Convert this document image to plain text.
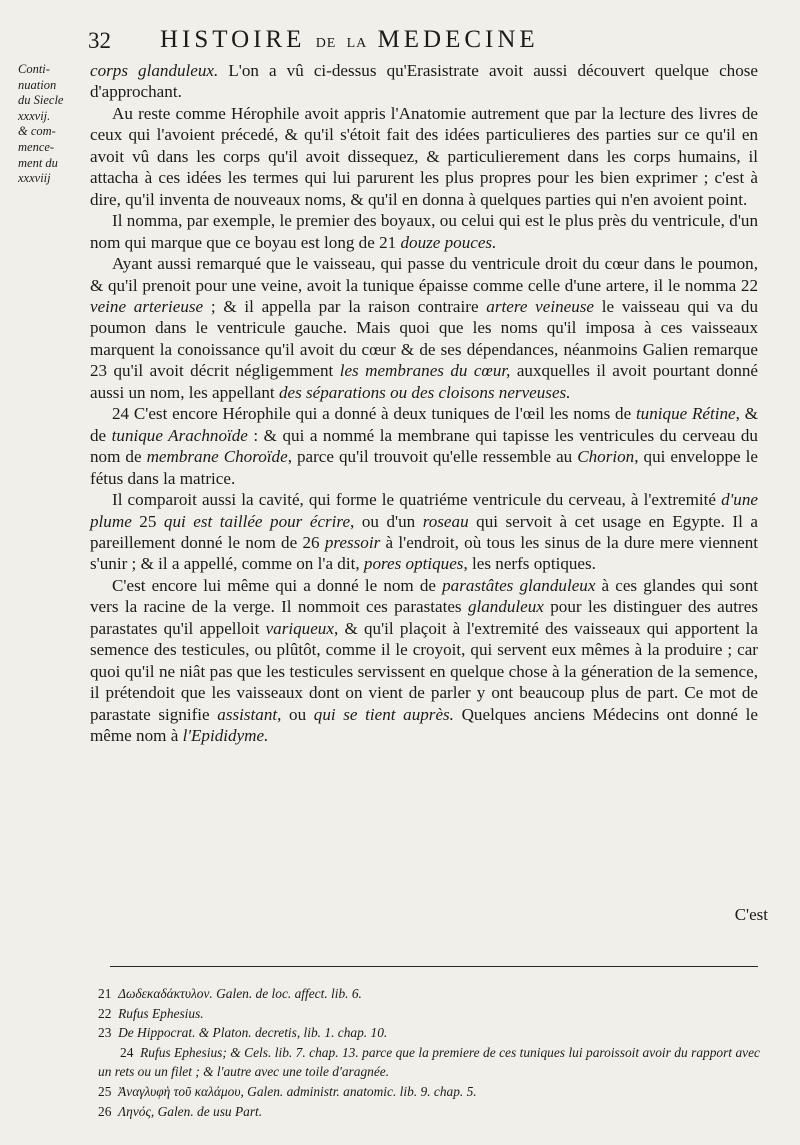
32 HISTOIRE DE LA MEDECINE
Conti-
nuation
du Siecle
xxxvij.
& com-
mence-
ment du
xxxviij

corps glanduleux. L'on a vû ci-dessus qu'Erasistrate avoit aussi découvert quelque chose d'approchant.

Au reste comme Hérophile avoit appris l'Anatomie autrement que par la lecture des livres de ceux qui l'avoient précedé, & qu'il s'étoit fait des idées particulieres des parties sur ce qu'il en avoit vû dans les corps qu'il avoit dissequez, & particulierement dans les corps humains, il attacha à ces idées les termes qui lui parurent les plus propres pour les bien exprimer ; c'est à dire, qu'il inventa de nouveaux noms, & qu'il en donna à quelques parties qui n'en avoient point.

Il nomma, par exemple, le premier des boyaux, ou celui qui est le plus près du ventricule, d'un nom qui marque que ce boyau est long de 21 douze pouces.

Ayant aussi remarqué que le vaisseau, qui passe du ventricule droit du cœur dans le poumon, & qu'il prenoit pour une veine, avoit la tunique épaisse comme celle d'une artere, il le nomma 22 veine arterieuse ; & il appella par la raison contraire artere veineuse le vaisseau qui va du poumon dans le ventricule gauche. Mais quoi que les noms qu'il imposa à ces vaisseaux marquent la conoissance qu'il avoit du cœur & de ses dépendances, néanmoins Galien remarque 23 qu'il avoit décrit négligemment les membranes du cœur, auxquelles il avoit pourtant donné aussi un nom, les appellant des séparations ou des cloisons nerveuses.

24 C'est encore Hérophile qui a donné à deux tuniques de l'œil les noms de tunique Rétine, & de tunique Arachnoïde : & qui a nommé la membrane qui tapisse les ventricules du cerveau du nom de membrane Choroïde, parce qu'il trouvoit qu'elle ressemble au Chorion, qui enveloppe le fétus dans la matrice.

Il comparoit aussi la cavité, qui forme le quatriéme ventricule du cerveau, à l'extremité d'une plume 25 qui est taillée pour écrire, ou d'un roseau qui servoit à cet usage en Egypte. Il a pareillement donné le nom de 26 pressoir à l'endroit, où tous les sinus de la dure mere viennent s'unir ; & il a appellé, comme on l'a dit, pores optiques, les nerfs optiques.

C'est encore lui même qui a donné le nom de parastâtes glanduleux à ces glandes qui sont vers la racine de la verge. Il nommoit ces parastates glanduleux pour les distinguer des autres parastates qu'il appelloit variqueux, & qu'il plaçoit à l'extremité des vaisseaux qui apportent la semence des testicules, ou plûtôt, comme il le croyoit, qui servent eux mêmes à la produire ; car quoi qu'il ne niât pas que les testicules servissent en quelque chose à la géneration de la semence, il prétendoit que les vaisseaux dont on vient de parler y ont beaucoup plus de part. Ce mot de parastate signifie assistant, ou qui se tient auprès. Quelques anciens Médecins ont donné le même nom à l'Epididyme.

C'est
21  Δωδεκαδάκτυλον. Galen. de loc. affect. lib. 6.
22  Rufus Ephesius.
23  De Hippocrat. & Platon. decretis, lib. 1. chap. 10.
24  Rufus Ephesius; & Cels. lib. 7. chap. 13. parce que la premiere de ces tuniques lui paroissoit avoir du rapport avec un rets ou un filet ; & l'autre avec une toile d'aragnée.
25  Ἀναγλυφὴ τοῦ καλάμου, Galen. administr. anatomic. lib. 9. chap. 5.
26  Ληνός, Galen. de usu Part.
